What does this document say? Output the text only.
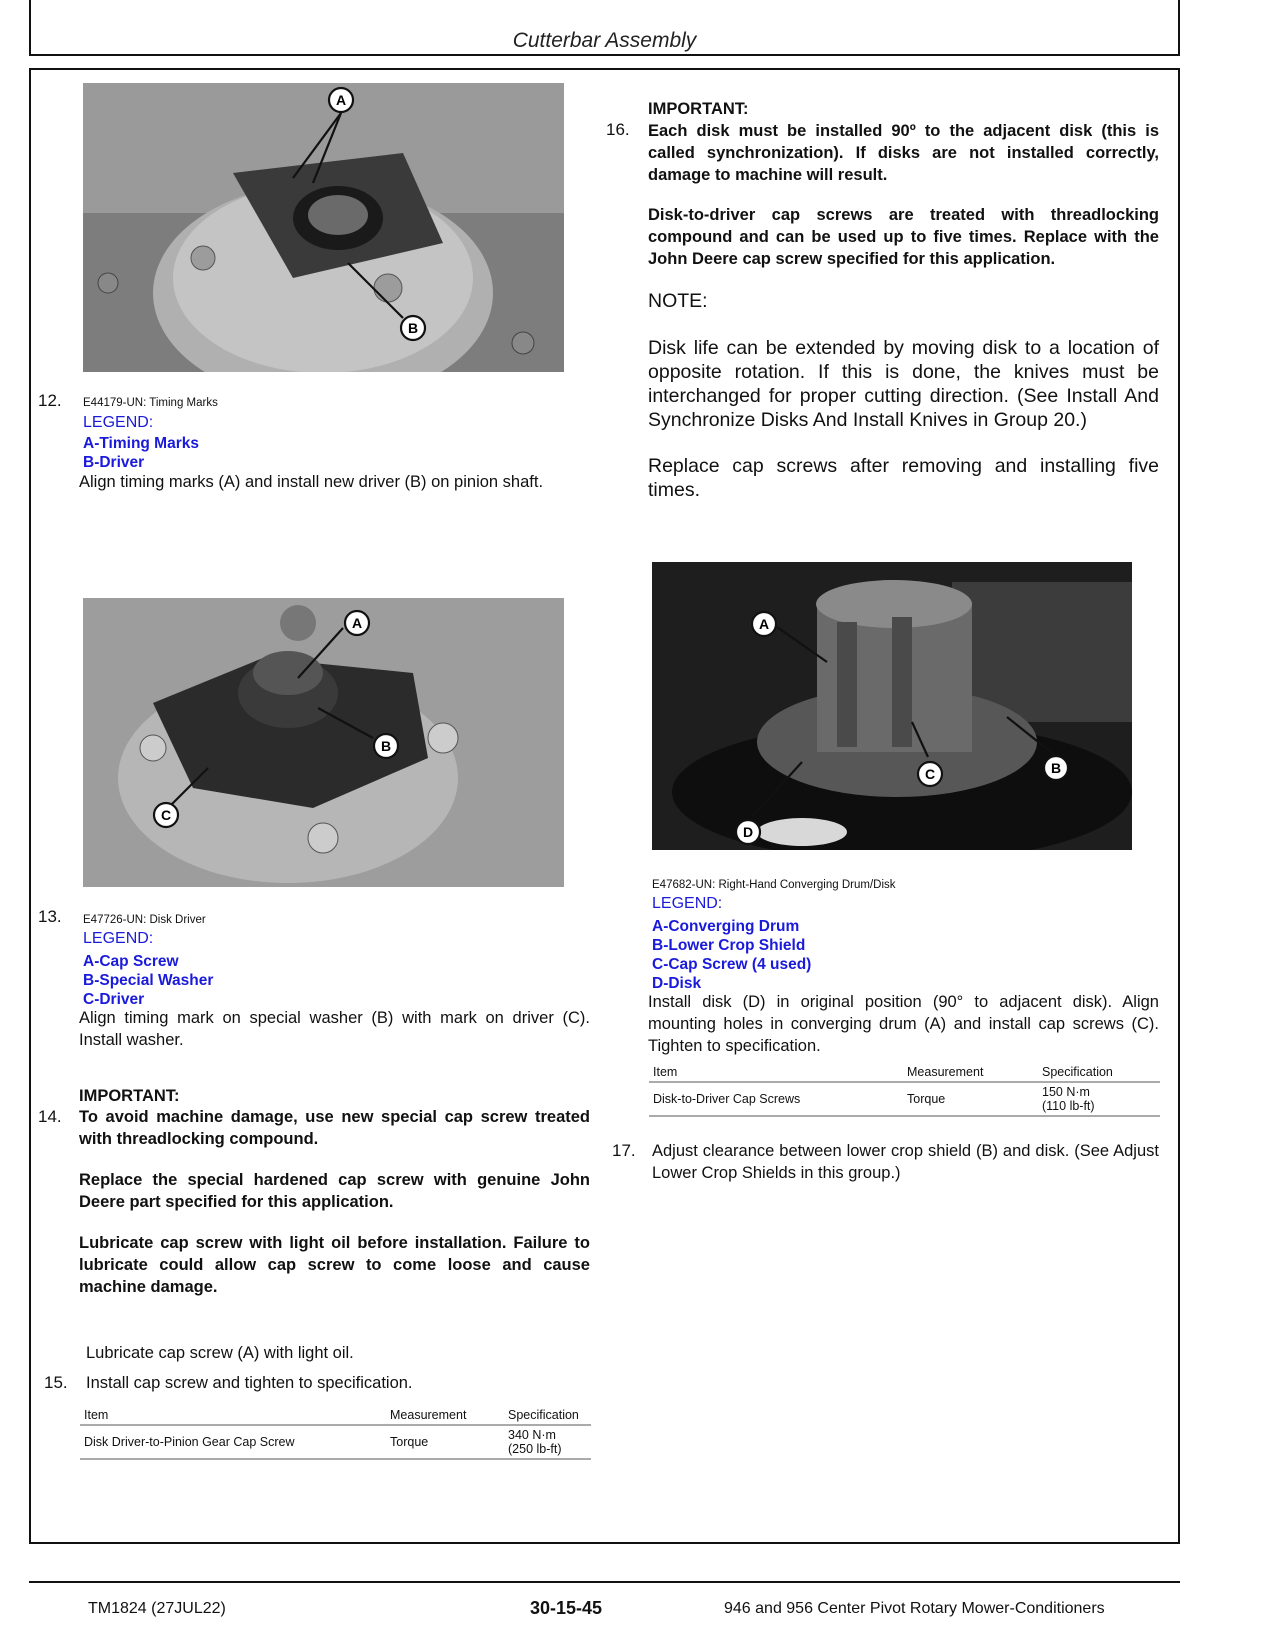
Cutterbar Assembly
A
B
12. E44179-UN: Timing Marks
LEGEND:
A-Timing Marks
B-Driver
Align timing marks (A) and install new driver (B) on pinion shaft.
A
B
C
13. E47726-UN: Disk Driver
LEGEND:
A-Cap Screw
B-Special Washer
C-Driver
Align timing mark on special washer (B) with mark on driver (C). Install washer.
IMPORTANT:
14. To avoid machine damage, use new special cap screw treated with threadlocking compound.
Replace the special hardened cap screw with genuine John Deere part specified for this application.
Lubricate cap screw with light oil before installation. Failure to lubricate could allow cap screw to come loose and cause machine damage.
Lubricate cap screw (A) with light oil.
15. Install cap screw and tighten to specification.
Item	Measurement	Specification
Disk Driver-to-Pinion Gear Cap Screw	Torque	340 N·m
(250 lb-ft)
IMPORTANT:
16. Each disk must be installed 90º to the adjacent disk (this is called synchronization). If disks are not installed correctly, damage to machine will result.
Disk-to-driver cap screws are treated with threadlocking compound and can be used up to five times. Replace with the John Deere cap screw specified for this application.
NOTE:
Disk life can be extended by moving disk to a location of opposite rotation. If this is done, the knives must be interchanged for proper cutting direction. (See Install And Synchronize Disks And Install Knives in Group 20.)
Replace cap screws after removing and installing five times.
A
B
C
D
E47682-UN: Right-Hand Converging Drum/Disk
LEGEND:
A-Converging Drum
B-Lower Crop Shield
C-Cap Screw (4 used)
D-Disk
Install disk (D) in original position (90° to adjacent disk). Align mounting holes in converging drum (A) and install cap screws (C). Tighten to specification.
Item	Measurement	Specification
Disk-to-Driver Cap Screws	Torque	150 N·m
(110 lb-ft)
17. Adjust clearance between lower crop shield (B) and disk. (See Adjust Lower Crop Shields in this group.)
TM1824 (27JUL22)	30-15-45	946 and 956 Center Pivot Rotary Mower-Conditioners
